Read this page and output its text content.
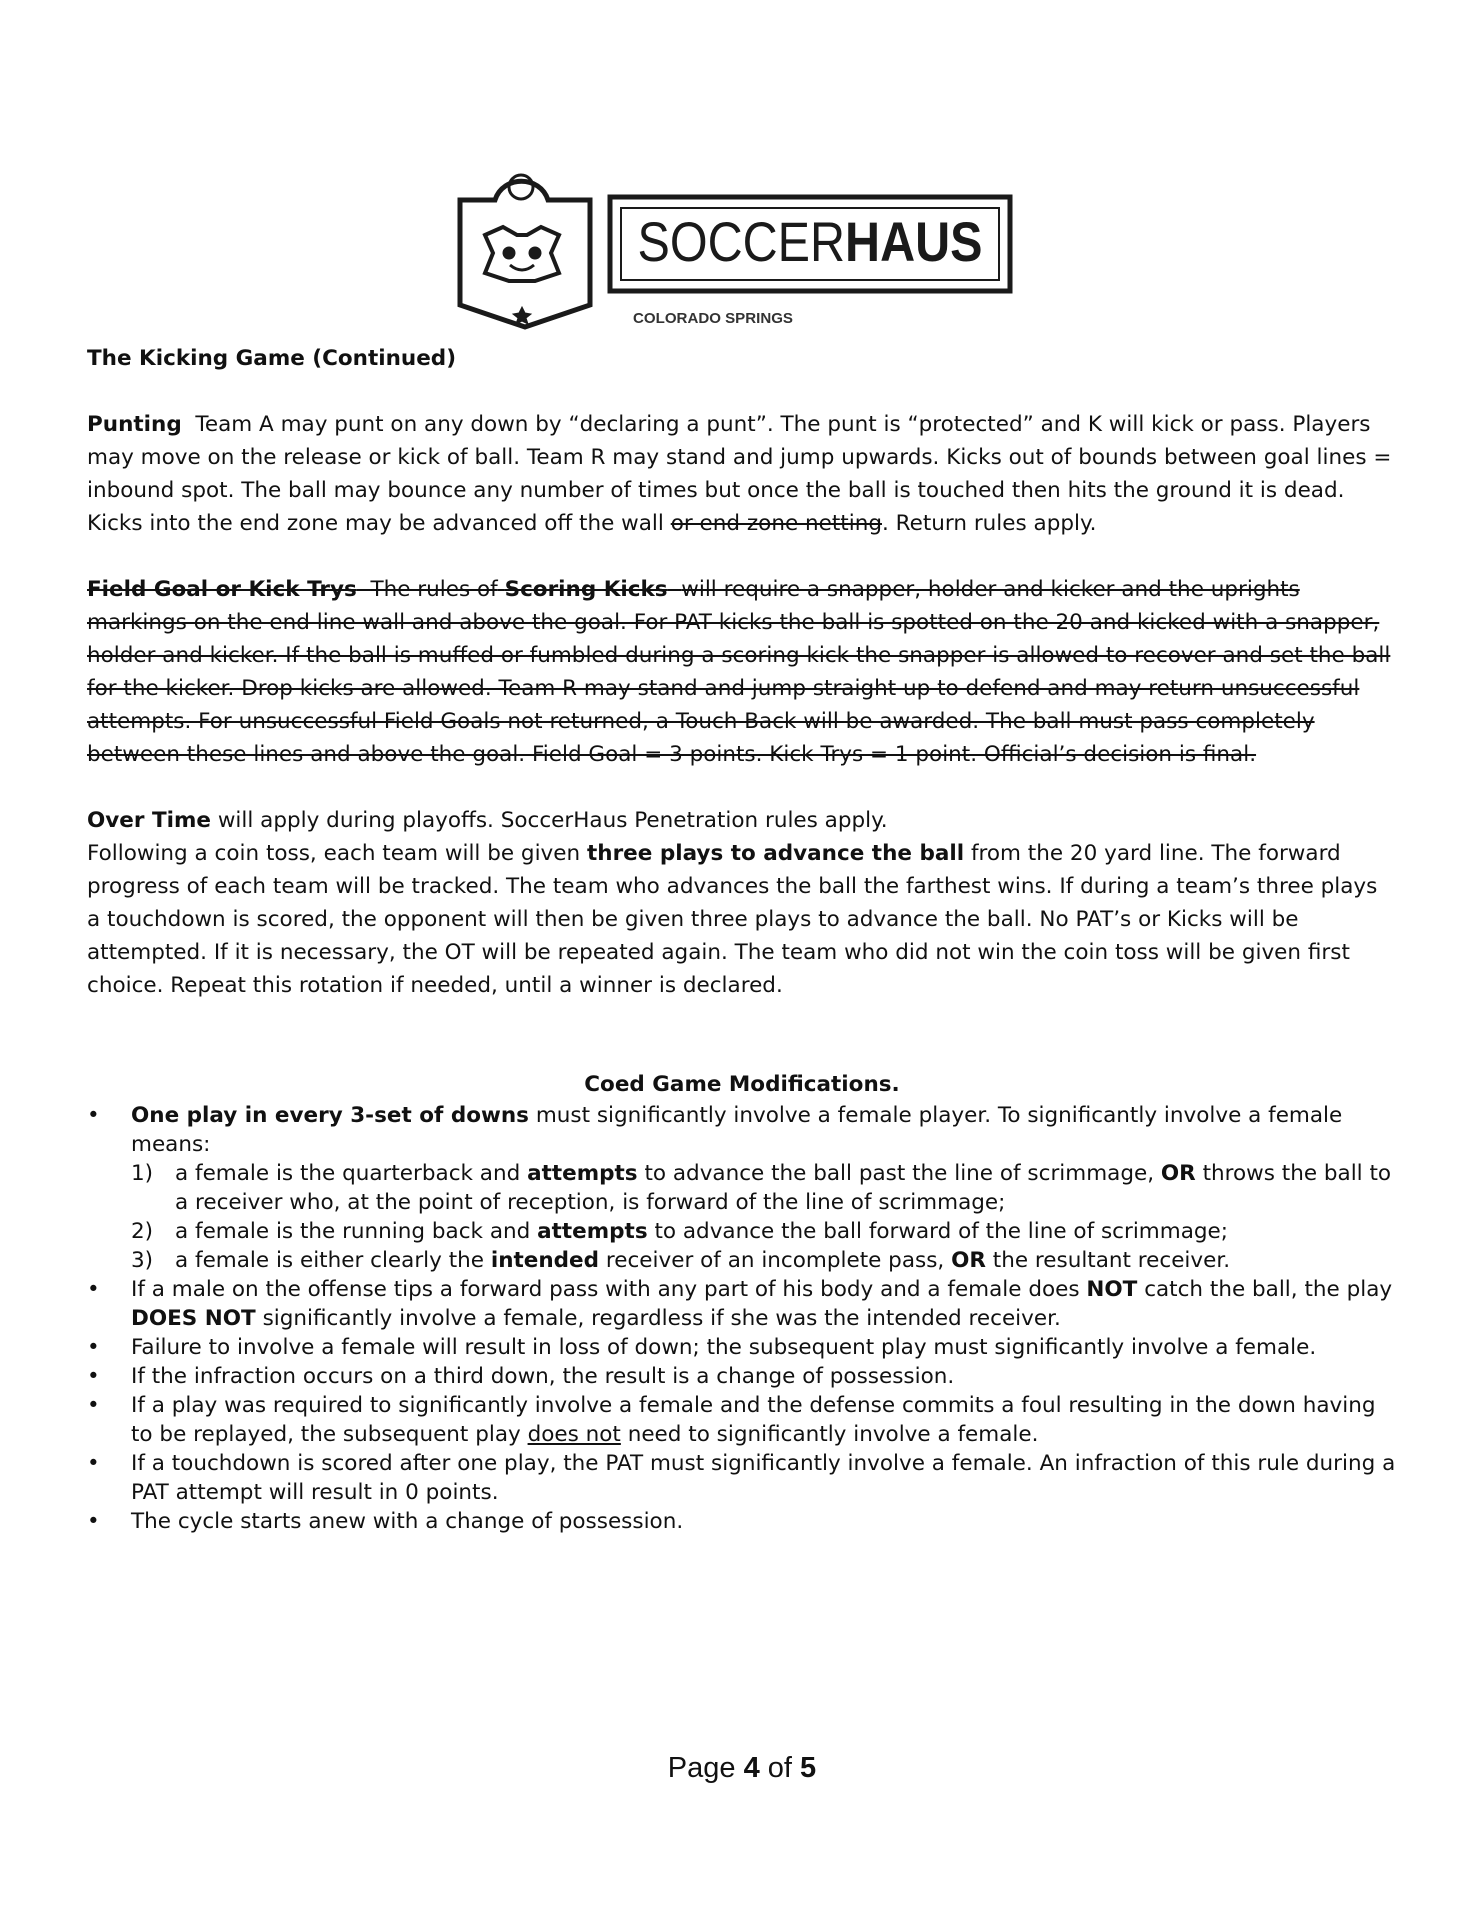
SOCCERHAUS
COLORADO SPRINGS

The Kicking Game (Continued)

Punting Team A may punt on any down by “declaring a punt”. The punt is “protected” and K will kick or pass. Players may move on the release or kick of ball. Team R may stand and jump upwards. Kicks out of bounds between goal lines = inbound spot. The ball may bounce any number of times but once the ball is touched then hits the ground it is dead. Kicks into the end zone may be advanced off the wall or end zone netting. Return rules apply.

Field Goal or Kick Trys The rules of Scoring Kicks will require a snapper, holder and kicker and the uprights markings on the end line wall and above the goal. For PAT kicks the ball is spotted on the 20 and kicked with a snapper, holder and kicker. If the ball is muffed or fumbled during a scoring kick the snapper is allowed to recover and set the ball for the kicker. Drop kicks are allowed. Team R may stand and jump straight up to defend and may return unsuccessful attempts. For unsuccessful Field Goals not returned, a Touch Back will be awarded. The ball must pass completely between these lines and above the goal. Field Goal = 3 points. Kick Trys = 1 point. Official’s decision is final.

Over Time will apply during playoffs. SoccerHaus Penetration rules apply.
Following a coin toss, each team will be given three plays to advance the ball from the 20 yard line. The forward progress of each team will be tracked. The team who advances the ball the farthest wins. If during a team’s three plays a touchdown is scored, the opponent will then be given three plays to advance the ball. No PAT’s or Kicks will be attempted. If it is necessary, the OT will be repeated again. The team who did not win the coin toss will be given first choice. Repeat this rotation if needed, until a winner is declared.

Coed Game Modifications.

• One play in every 3-set of downs must significantly involve a female player. To significantly involve a female means:
1) a female is the quarterback and attempts to advance the ball past the line of scrimmage, OR throws the ball to a receiver who, at the point of reception, is forward of the line of scrimmage;
2) a female is the running back and attempts to advance the ball forward of the line of scrimmage;
3) a female is either clearly the intended receiver of an incomplete pass, OR the resultant receiver.
• If a male on the offense tips a forward pass with any part of his body and a female does NOT catch the ball, the play DOES NOT significantly involve a female, regardless if she was the intended receiver.
• Failure to involve a female will result in loss of down; the subsequent play must significantly involve a female.
• If the infraction occurs on a third down, the result is a change of possession.
• If a play was required to significantly involve a female and the defense commits a foul resulting in the down having to be replayed, the subsequent play does not need to significantly involve a female.
• If a touchdown is scored after one play, the PAT must significantly involve a female. An infraction of this rule during a PAT attempt will result in 0 points.
• The cycle starts anew with a change of possession.
Page 4 of 5
